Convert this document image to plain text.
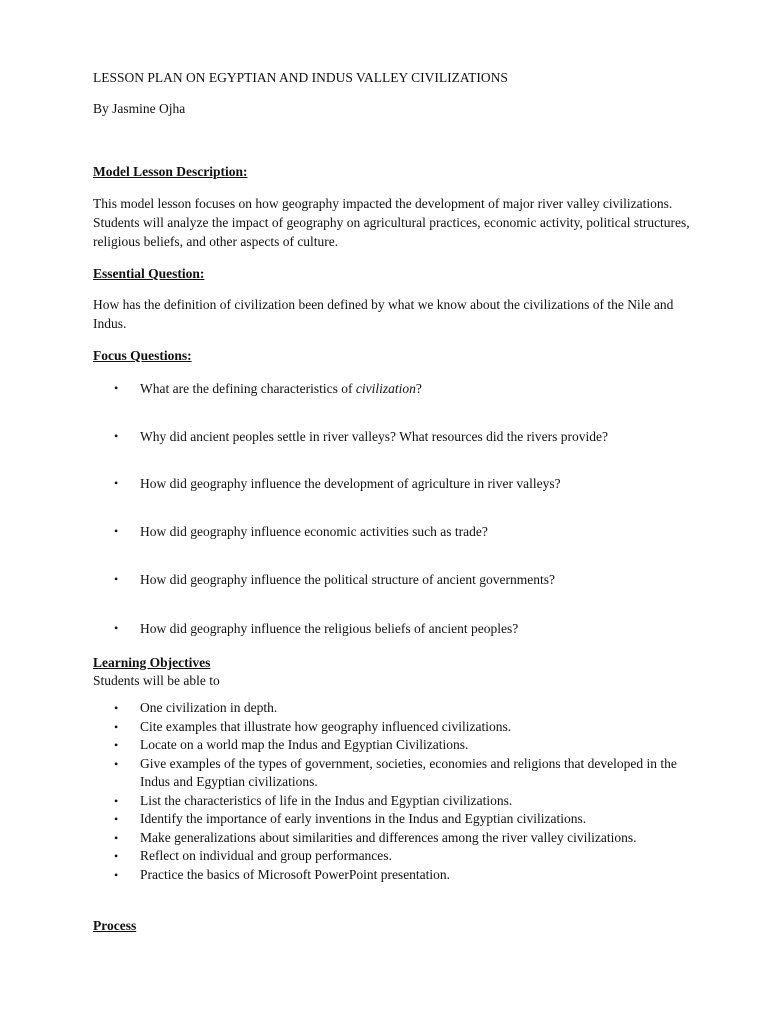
LESSON PLAN ON EGYPTIAN AND INDUS VALLEY CIVILIZATIONS

By Jasmine Ojha

Model Lesson Description:

This model lesson focuses on how geography impacted the development of major river valley civilizations. Students will analyze the impact of geography on agricultural practices, economic activity, political structures, religious beliefs, and other aspects of culture.

Essential Question:

How has the definition of civilization been defined by what we know about the civilizations of the Nile and Indus.

Focus Questions:

• What are the defining characteristics of civilization?
• Why did ancient peoples settle in river valleys? What resources did the rivers provide?
• How did geography influence the development of agriculture in river valleys?
• How did geography influence economic activities such as trade?
• How did geography influence the political structure of ancient governments?
• How did geography influence the religious beliefs of ancient peoples?

Learning Objectives

Students will be able to

• One civilization in depth.
• Cite examples that illustrate how geography influenced civilizations.
• Locate on a world map the Indus and Egyptian Civilizations.
• Give examples of the types of government, societies, economies and religions that developed in the Indus and Egyptian civilizations.
• List the characteristics of life in the Indus and Egyptian civilizations.
• Identify the importance of early inventions in the Indus and Egyptian civilizations.
• Make generalizations about similarities and differences among the river valley civilizations.
• Reflect on individual and group performances.
• Practice the basics of Microsoft PowerPoint presentation.

Process
